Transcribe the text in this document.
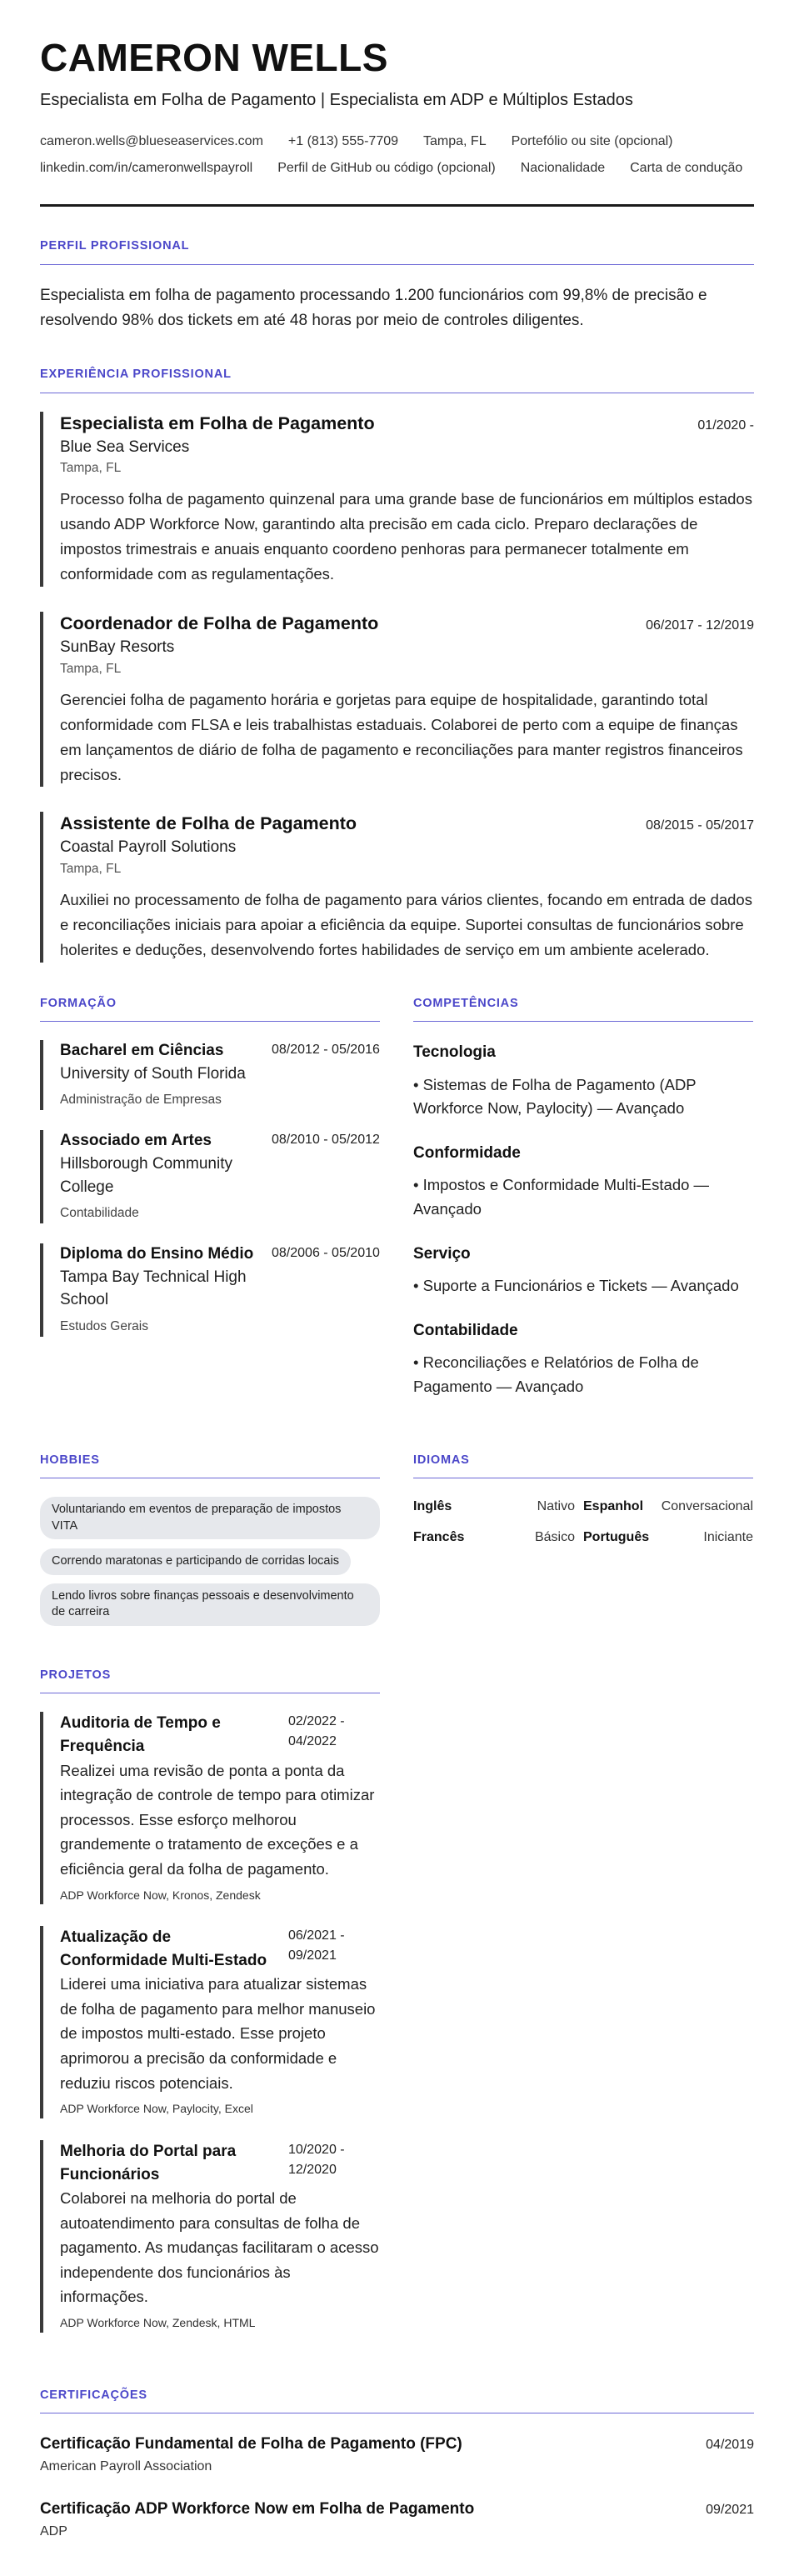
CAMERON WELLS
Especialista em Folha de Pagamento | Especialista em ADP e Múltiplos Estados
cameron.wells@blueseaservices.com +1 (813) 555-7709 Tampa, FL Portefólio ou site (opcional)
linkedin.com/in/cameronwellspayroll Perfil de GitHub ou código (opcional) Nacionalidade Carta de condução
PERFIL PROFISSIONAL

Especialista em folha de pagamento processando 1.200 funcionários com 99,8% de precisão e resolvendo 98% dos tickets em até 48 horas por meio de controles diligentes.

EXPERIÊNCIA PROFISSIONAL
Especialista em Folha de Pagamento	01/2020 -
Blue Sea Services
Tampa, FL

Processo folha de pagamento quinzenal para uma grande base de funcionários em múltiplos estados usando ADP Workforce Now, garantindo alta precisão em cada ciclo. Preparo declarações de impostos trimestrais e anuais enquanto coordeno penhoras para permanecer totalmente em conformidade com as regulamentações.

Coordenador de Folha de Pagamento	06/2017 - 12/2019
SunBay Resorts
Tampa, FL

Gerenciei folha de pagamento horária e gorjetas para equipe de hospitalidade, garantindo total conformidade com FLSA e leis trabalhistas estaduais. Colaborei de perto com a equipe de finanças em lançamentos de diário de folha de pagamento e reconciliações para manter registros financeiros precisos.

Assistente de Folha de Pagamento	08/2015 - 05/2017
Coastal Payroll Solutions
Tampa, FL

Auxiliei no processamento de folha de pagamento para vários clientes, focando em entrada de dados e reconciliações iniciais para apoiar a eficiência da equipe. Suportei consultas de funcionários sobre holerites e deduções, desenvolvendo fortes habilidades de serviço em um ambiente acelerado.

FORMAÇÃO
Bacharel em Ciências
University of South Florida
Administração de Empresas
08/2012 - 05/2016
Associado em Artes
Hillsborough Community College
Contabilidade
08/2010 - 05/2012
Diploma do Ensino Médio
Tampa Bay Technical High School
Estudos Gerais
08/2006 - 05/2010
COMPETÊNCIAS
Tecnologia
• Sistemas de Folha de Pagamento (ADP Workforce Now, Paylocity) — Avançado
Conformidade
• Impostos e Conformidade Multi-Estado — Avançado
Serviço
• Suporte a Funcionários e Tickets — Avançado
Contabilidade
• Reconciliações e Relatórios de Folha de Pagamento — Avançado
HOBBIES
Voluntariando em eventos de preparação de impostos VITA
Correndo maratonas e participando de corridas locais
Lendo livros sobre finanças pessoais e desenvolvimento de carreira
IDIOMAS
Inglês	Nativo Espanhol Conversacional
Francês	Básico Português	Iniciante
PROJETOS
Auditoria de Tempo e Frequência
02/2022 - 04/2022

Realizei uma revisão de ponta a ponta da integração de controle de tempo para otimizar processos. Esse esforço melhorou grandemente o tratamento de exceções e a eficiência geral da folha de pagamento.

ADP Workforce Now, Kronos, Zendesk
Atualização de Conformidade Multi-Estado
06/2021 - 09/2021

Liderei uma iniciativa para atualizar sistemas de folha de pagamento para melhor manuseio de impostos multi-estado. Esse projeto aprimorou a precisão da conformidade e reduziu riscos potenciais.

ADP Workforce Now, Paylocity, Excel
Melhoria do Portal para Funcionários
10/2020 - 12/2020

Colaborei na melhoria do portal de autoatendimento para consultas de folha de pagamento. As mudanças facilitaram o acesso independente dos funcionários às informações.

ADP Workforce Now, Zendesk, HTML
CERTIFICAÇÕES
Certificação Fundamental de Folha de Pagamento (FPC)	04/2019
American Payroll Association
Certificação ADP Workforce Now em Folha de Pagamento	09/2021
ADP
